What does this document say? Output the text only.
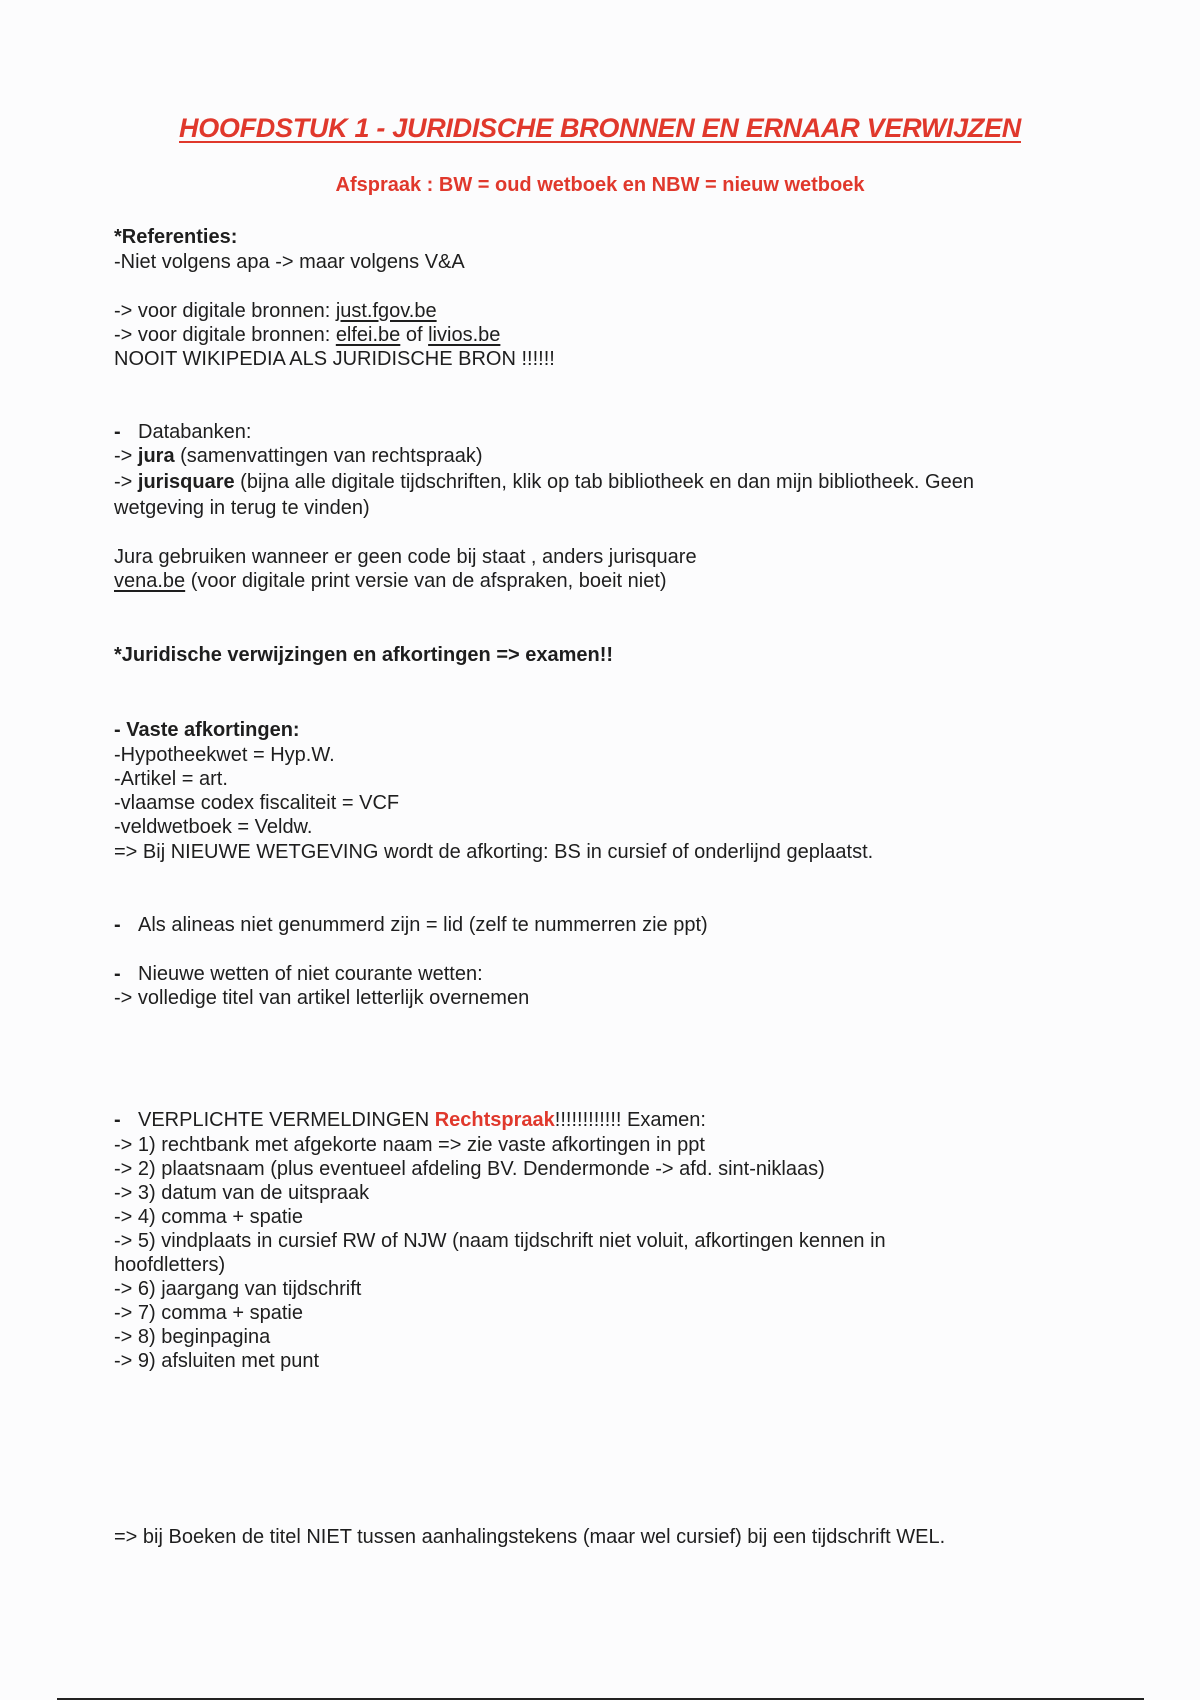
HOOFDSTUK 1 - JURIDISCHE BRONNEN EN ERNAAR VERWIJZEN
Afspraak : BW = oud wetboek en NBW = nieuw wetboek
*Referenties:
-Niet volgens apa -> maar volgens V&A
-> voor digitale bronnen: just.fgov.be
-> voor digitale bronnen: elfei.be of livios.be
NOOIT WIKIPEDIA ALS JURIDISCHE BRON !!!!!!
- Databanken:
-> jura (samenvattingen van rechtspraak)
-> jurisquare (bijna alle digitale tijdschriften, klik op tab bibliotheek en dan mijn bibliotheek. Geen
wetgeving in terug te vinden)
Jura gebruiken wanneer er geen code bij staat , anders jurisquare
vena.be (voor digitale print versie van de afspraken, boeit niet)
*Juridische verwijzingen en afkortingen => examen!!
- Vaste afkortingen:
-Hypotheekwet = Hyp.W.
-Artikel = art.
-vlaamse codex fiscaliteit = VCF
-veldwetboek = Veldw.
=> Bij NIEUWE WETGEVING wordt de afkorting: BS in cursief of onderlijnd geplaatst.
- Als alineas niet genummerd zijn = lid (zelf te nummerren zie ppt)
- Nieuwe wetten of niet courante wetten:
-> volledige titel van artikel letterlijk overnemen
- VERPLICHTE VERMELDINGEN Rechtspraak!!!!!!!!!!!! Examen:
-> 1) rechtbank met afgekorte naam => zie vaste afkortingen in ppt
-> 2) plaatsnaam (plus eventueel afdeling BV. Dendermonde -> afd. sint-niklaas)
-> 3) datum van de uitspraak
-> 4) comma + spatie
-> 5) vindplaats in cursief RW of NJW (naam tijdschrift niet voluit, afkortingen kennen in
hoofdletters)
-> 6) jaargang van tijdschrift
-> 7) comma + spatie
-> 8) beginpagina
-> 9) afsluiten met punt
=> bij Boeken de titel NIET tussen aanhalingstekens (maar wel cursief) bij een tijdschrift WEL.
